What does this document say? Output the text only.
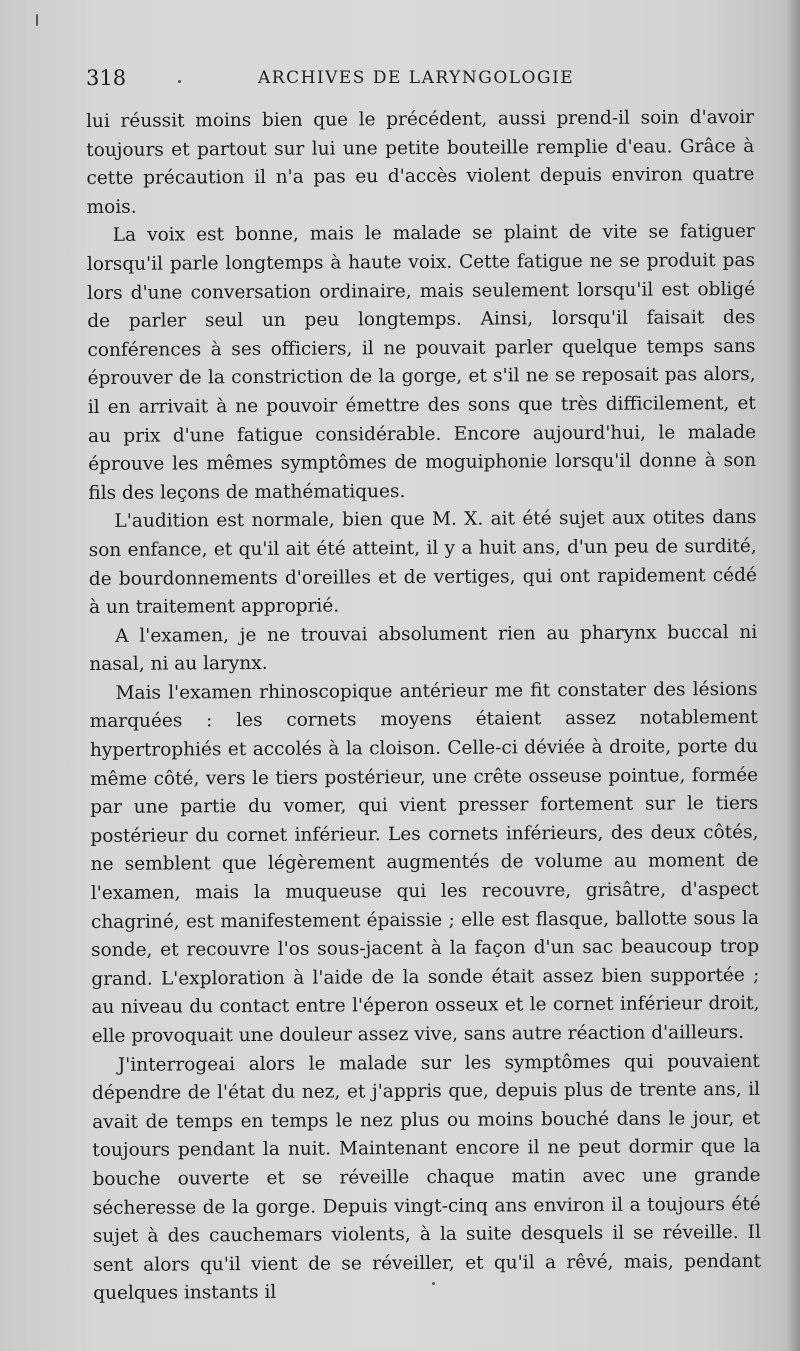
318	ARCHIVES DE LARYNGOLOGIE

lui réussit moins bien que le précédent, aussi prend-il soin d'avoir toujours et partout sur lui une petite bouteille remplie d'eau. Grâce à cette précaution il n'a pas eu d'accès violent depuis environ quatre mois.

La voix est bonne, mais le malade se plaint de vite se fatiguer lorsqu'il parle longtemps à haute voix. Cette fatigue ne se produit pas lors d'une conversation ordinaire, mais seulement lorsqu'il est obligé de parler seul un peu longtemps. Ainsi, lorsqu'il faisait des conférences à ses officiers, il ne pouvait parler quelque temps sans éprouver de la constriction de la gorge, et s'il ne se reposait pas alors, il en arrivait à ne pouvoir émettre des sons que très difficilement, et au prix d'une fatigue considérable. Encore aujourd'hui, le malade éprouve les mêmes symptômes de moguiphonie lorsqu'il donne à son fils des leçons de mathématiques.

L'audition est normale, bien que M. X. ait été sujet aux otites dans son enfance, et qu'il ait été atteint, il y a huit ans, d'un peu de surdité, de bourdonnements d'oreilles et de vertiges, qui ont rapidement cédé à un traitement approprié.

A l'examen, je ne trouvai absolument rien au pharynx buccal ni nasal, ni au larynx.

Mais l'examen rhinoscopique antérieur me fit constater des lésions marquées : les cornets moyens étaient assez notablement hypertrophiés et accolés à la cloison. Celle-ci déviée à droite, porte du même côté, vers le tiers postérieur, une crête osseuse pointue, formée par une partie du vomer, qui vient presser fortement sur le tiers postérieur du cornet inférieur. Les cornets inférieurs, des deux côtés, ne semblent que légèrement augmentés de volume au moment de l'examen, mais la muqueuse qui les recouvre, grisâtre, d'aspect chagriné, est manifestement épaissie ; elle est flasque, ballotte sous la sonde, et recouvre l'os sous-jacent à la façon d'un sac beaucoup trop grand. L'exploration à l'aide de la sonde était assez bien supportée ; au niveau du contact entre l'éperon osseux et le cornet inférieur droit, elle provoquait une douleur assez vive, sans autre réaction d'ailleurs.

J'interrogeai alors le malade sur les symptômes qui pouvaient dépendre de l'état du nez, et j'appris que, depuis plus de trente ans, il avait de temps en temps le nez plus ou moins bouché dans le jour, et toujours pendant la nuit. Maintenant encore il ne peut dormir que la bouche ouverte et se réveille chaque matin avec une grande sécheresse de la gorge. Depuis vingt-cinq ans environ il a toujours été sujet à des cauchemars violents, à la suite desquels il se réveille. Il sent alors qu'il vient de se réveiller, et qu'il a rêvé, mais, pendant quelques instants il
